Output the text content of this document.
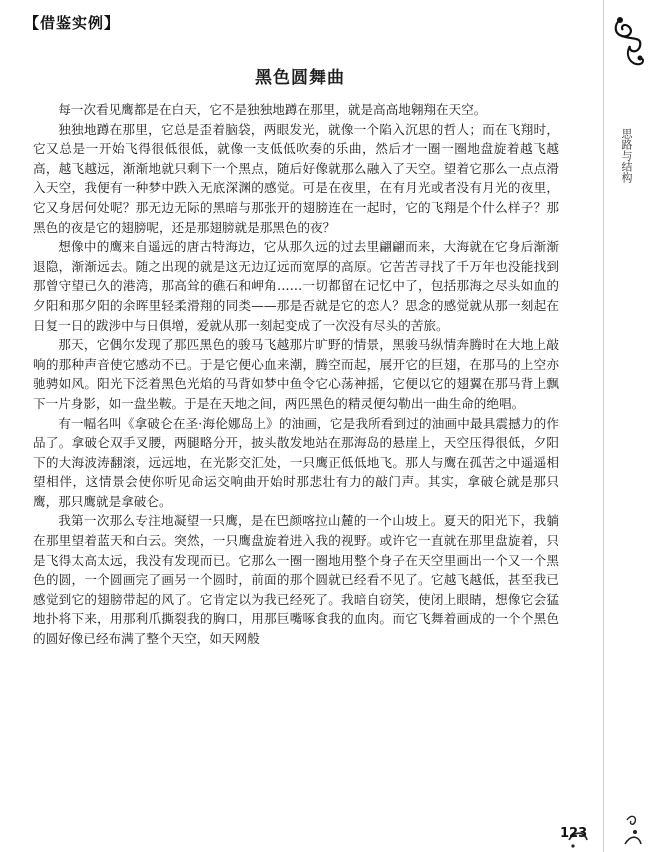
【借鉴实例】
黑色圆舞曲

每一次看见鹰都是在白天，它不是独独地蹲在那里，就是高高地翱翔在天空。

独独地蹲在那里，它总是歪着脑袋，两眼发光，就像一个陷入沉思的哲人；而在飞翔时，它又总是一开始飞得很低很低，就像一支低低吹奏的乐曲，然后才一圈一圈地盘旋着越飞越高，越飞越远，渐渐地就只剩下一个黑点，随后好像就那么融入了天空。望着它那么一点点滑入天空，我便有一种梦中跌入无底深渊的感觉。可是在夜里，在有月光或者没有月光的夜里，它又身居何处呢？那无边无际的黑暗与那张开的翅膀连在一起时，它的飞翔是个什么样子？那黑色的夜是它的翅膀呢，还是那翅膀就是那黑色的夜？

想像中的鹰来自遥远的唐古特海边，它从那久远的过去里翩翩而来，大海就在它身后渐渐退隐，渐渐远去。随之出现的就是这无边辽远而宽厚的高原。它苦苦寻找了千万年也没能找到那曾守望已久的港湾，那高耸的礁石和岬角……一切都留在记忆中了，包括那海之尽头如血的夕阳和那夕阳的余晖里轻柔滑翔的同类——那是否就是它的恋人？思念的感觉就从那一刻起在日复一日的跋涉中与日俱增，爱就从那一刻起变成了一次没有尽头的苦旅。

那天，它偶尔发现了那匹黑色的骏马飞越那片旷野的情景，黑骏马纵情奔腾时在大地上敲响的那种声音使它感动不已。于是它便心血来潮，腾空而起，展开它的巨翅，在那马的上空亦驰骋如风。阳光下泛着黑色光焰的马背如梦中鱼令它心荡神摇，它便以它的翅翼在那马背上飘下一片身影，如一盘坐鞍。于是在天地之间，两匹黑色的精灵便勾勒出一曲生命的绝唱。

有一幅名叫《拿破仑在圣·海伦娜岛上》的油画，它是我所看到过的油画中最具震撼力的作品了。拿破仑双手叉腰，两腿略分开，披头散发地站在那海岛的悬崖上，天空压得很低，夕阳下的大海波涛翻滚，远远地，在光影交汇处，一只鹰正低低地飞。那人与鹰在孤苦之中遥遥相望相伴，这情景会使你听见命运交响曲开始时那悲壮有力的敲门声。其实，拿破仑就是那只鹰，那只鹰就是拿破仑。

我第一次那么专注地凝望一只鹰，是在巴颜喀拉山麓的一个山坡上。夏天的阳光下，我躺在那里望着蓝天和白云。突然，一只鹰盘旋着进入我的视野。或许它一直就在那里盘旋着，只是飞得太高太远，我没有发现而已。它那么一圈一圈地用整个身子在天空里画出一个又一个黑色的圆，一个圆画完了画另一个圆时，前面的那个圆就已经看不见了。它越飞越低，甚至我已感觉到它的翅膀带起的风了。它肯定以为我已经死了。我暗自窃笑，使闭上眼睛，想像它会猛地扑将下来，用那利爪撕裂我的胸口，用那巨嘴啄食我的血肉。而它飞舞着画成的一个个黑色的圆好像已经布满了整个天空，如天网般

思路与结构
123
